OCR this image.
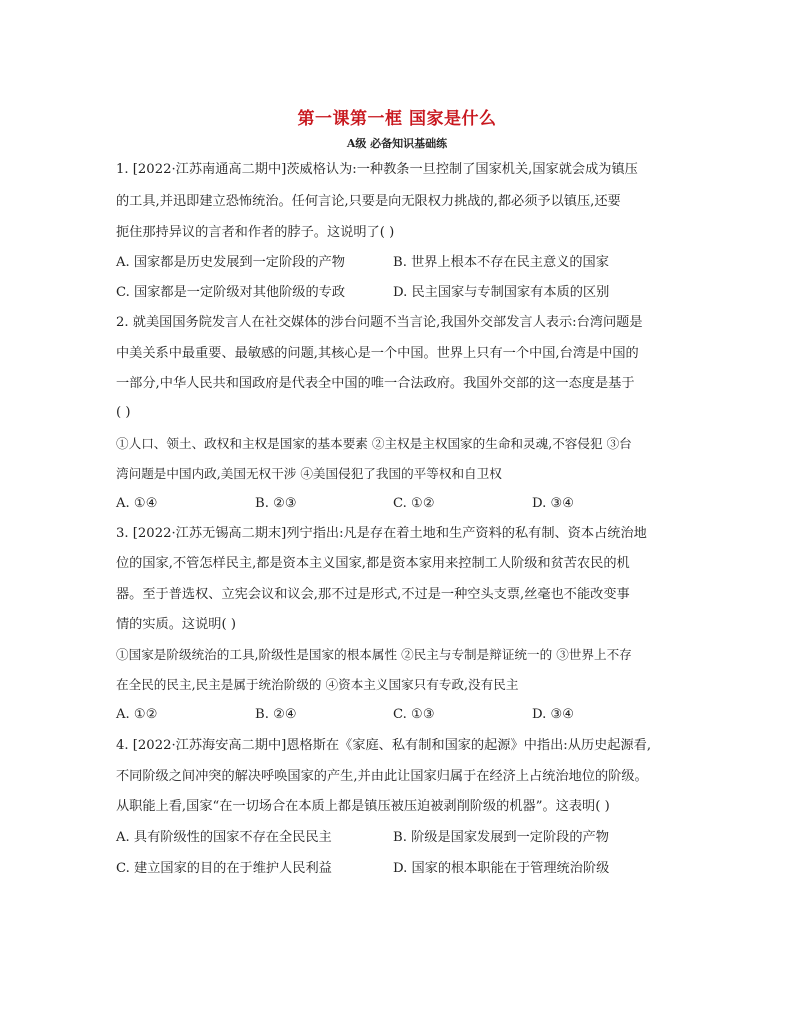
第一课第一框 国家是什么
A级 必备知识基础练
1. [2022·江苏南通高二期中]茨威格认为:一种教条一旦控制了国家机关,国家就会成为镇压
的工具,并迅即建立恐怖统治。任何言论,只要是向无限权力挑战的,都必须予以镇压,还要
扼住那持异议的言者和作者的脖子。这说明了( )
A. 国家都是历史发展到一定阶段的产物	B. 世界上根本不存在民主意义的国家
C. 国家都是一定阶级对其他阶级的专政	D. 民主国家与专制国家有本质的区别
2. 就美国国务院发言人在社交媒体的涉台问题不当言论,我国外交部发言人表示:台湾问题是
中美关系中最重要、最敏感的问题,其核心是一个中国。世界上只有一个中国,台湾是中国的
一部分,中华人民共和国政府是代表全中国的唯一合法政府。我国外交部的这一态度是基于
( )
①人口、领土、政权和主权是国家的基本要素 ②主权是主权国家的生命和灵魂,不容侵犯 ③台
湾问题是中国内政,美国无权干涉 ④美国侵犯了我国的平等权和自卫权
A. ①④	B. ②③	C. ①②	D. ③④
3. [2022·江苏无锡高二期末]列宁指出:凡是存在着土地和生产资料的私有制、资本占统治地
位的国家,不管怎样民主,都是资本主义国家,都是资本家用来控制工人阶级和贫苦农民的机
器。至于普选权、立宪会议和议会,那不过是形式,不过是一种空头支票,丝毫也不能改变事
情的实质。这说明( )
①国家是阶级统治的工具,阶级性是国家的根本属性 ②民主与专制是辩证统一的 ③世界上不存
在全民的民主,民主是属于统治阶级的 ④资本主义国家只有专政,没有民主
A. ①②	B. ②④	C. ①③	D. ③④
4. [2022·江苏海安高二期中]恩格斯在《家庭、私有制和国家的起源》中指出:从历史起源看,
不同阶级之间冲突的解决呼唤国家的产生,并由此让国家归属于在经济上占统治地位的阶级。
从职能上看,国家“在一切场合在本质上都是镇压被压迫被剥削阶级的机器”。这表明( )
A. 具有阶级性的国家不存在全民民主	B. 阶级是国家发展到一定阶段的产物
C. 建立国家的目的在于维护人民利益	D. 国家的根本职能在于管理统治阶级
